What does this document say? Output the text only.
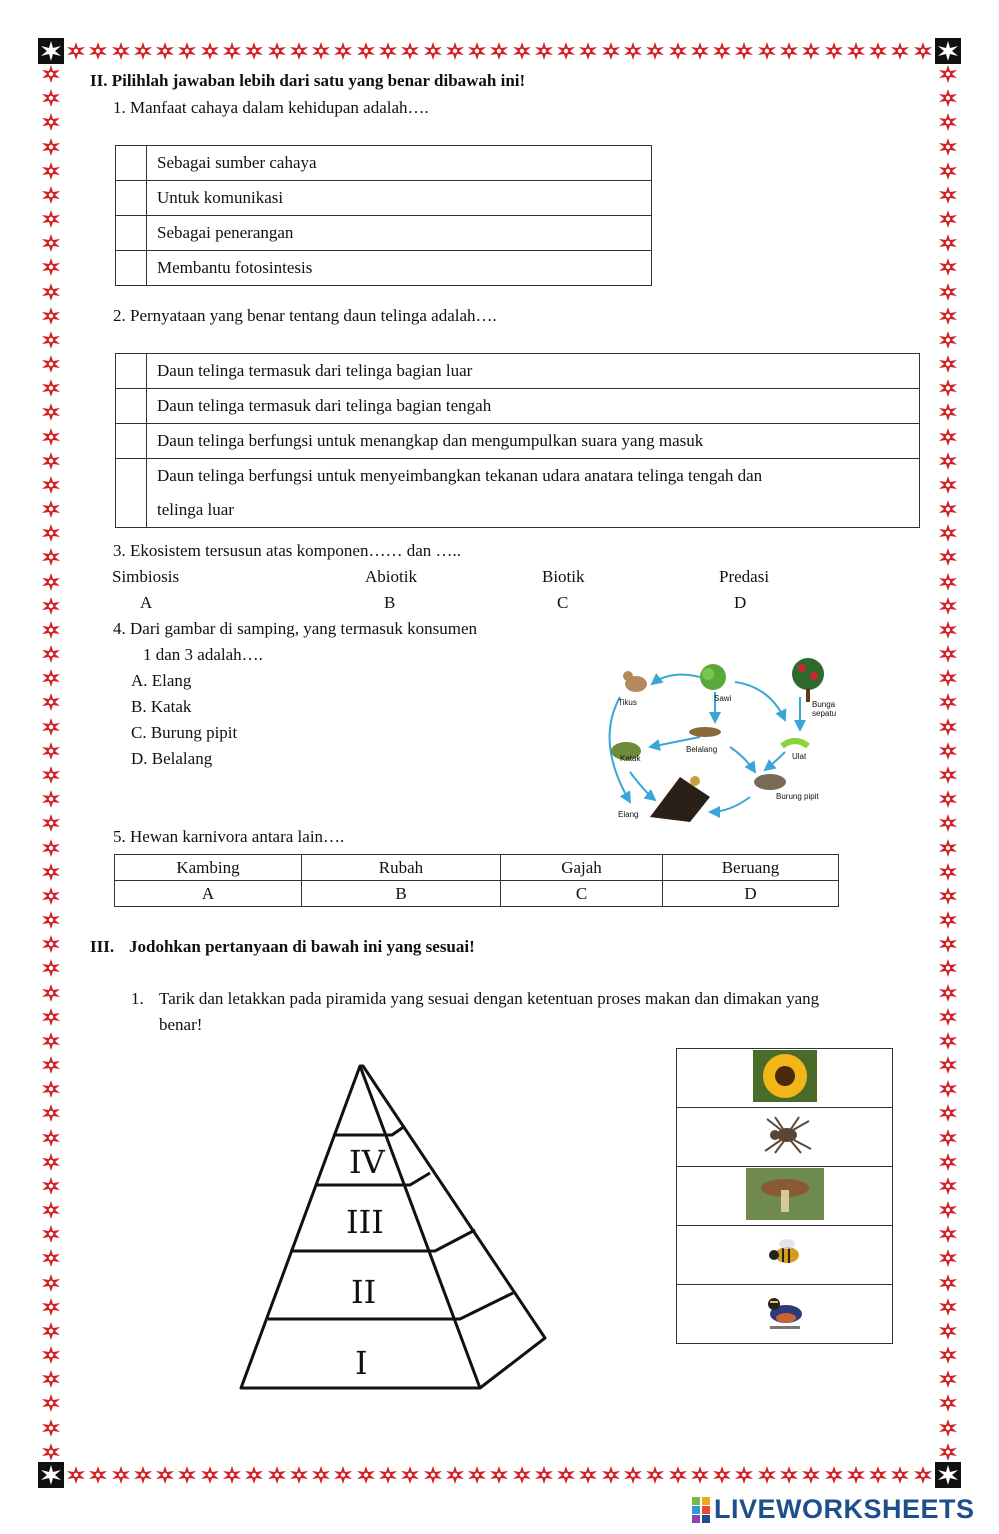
II. Pilihlah jawaban lebih dari satu yang benar dibawah ini!
1. Manfaat cahaya dalam kehidupan adalah….
	Sebagai sumber cahaya
	Untuk komunikasi
	Sebagai penerangan
	Membantu fotosintesis
2. Pernyataan yang benar tentang daun telinga adalah….
	Daun telinga termasuk dari telinga bagian luar
	Daun telinga termasuk dari telinga bagian tengah
	Daun telinga berfungsi untuk menangkap dan mengumpulkan suara yang masuk
	Daun telinga berfungsi untuk menyeimbangkan tekanan udara anatara telinga tengah dan
telinga luar
3. Ekosistem tersusun atas komponen…… dan …..
Simbiosis	Abiotik	Biotik	Predasi
A	B	C	D
4. Dari gambar di samping, yang termasuk konsumen
1 dan 3 adalah….
A. Elang
B. Katak
C. Burung pipit
D. Belalang
Tikus	Sawi
Bunga
sepatu
Belalang
Katak	Ulat
Burung pipit
Elang
5. Hewan karnivora antara lain….
Kambing	Rubah	Gajah	Beruang
A	B	C	D
III. Jodohkan pertanyaan di bawah ini yang sesuai!
1. Tarik dan letakkan pada piramida yang sesuai dengan ketentuan proses makan dan dimakan yang
benar!
IV
III
II
I

LIVEWORKSHEETS
